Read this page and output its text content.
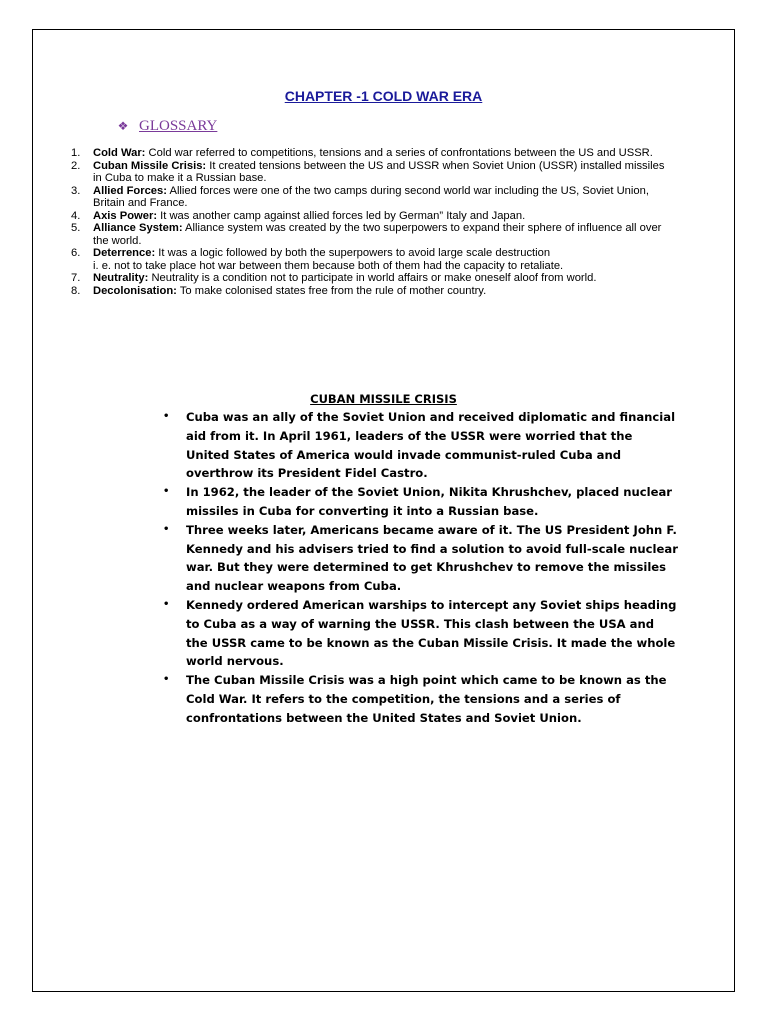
CHAPTER -1 COLD WAR ERA
❖ GLOSSARY
1.	Cold War: Cold war referred to competitions, tensions and a series of confrontations between the US and USSR.
2.	Cuban Missile Crisis: It created tensions between the US and USSR when Soviet Union (USSR) installed missiles in Cuba to make it a Russian base.
3.	Allied Forces: Allied forces were one of the two camps during second world war including the US, Soviet Union, Britain and France.
4.	Axis Power: It was another camp against allied forces led by German” Italy and Japan.
5.	Alliance System: Alliance system was created by the two superpowers to expand their sphere of influence all over the world.
6.	Deterrence: It was a logic followed by both the superpowers to avoid large scale destruction
i. e. not to take place hot war between them because both of them had the capacity to retaliate.
7.	Neutrality: Neutrality is a condition not to participate in world affairs or make oneself aloof from world.
8.	Decolonisation: To make colonised states free from the rule of mother country.
CUBAN MISSILE CRISIS
•	Cuba was an ally of the Soviet Union and received diplomatic and financial aid from it. In April 1961, leaders of the USSR were worried that the United States of America would invade communist-ruled Cuba and overthrow its President Fidel Castro.
•	In 1962, the leader of the Soviet Union, Nikita Khrushchev, placed nuclear missiles in Cuba for converting it into a Russian base.
•	Three weeks later, Americans became aware of it. The US President John F. Kennedy and his advisers tried to find a solution to avoid full-scale nuclear war. But they were determined to get Khrushchev to remove the missiles and nuclear weapons from Cuba.
•	Kennedy ordered American warships to intercept any Soviet ships heading to Cuba as a way of warning the USSR. This clash between the USA and the USSR came to be known as the Cuban Missile Crisis. It made the whole world nervous.
•	The Cuban Missile Crisis was a high point which came to be known as the Cold War. It refers to the competition, the tensions and a series of confrontations between the United States and Soviet Union.
